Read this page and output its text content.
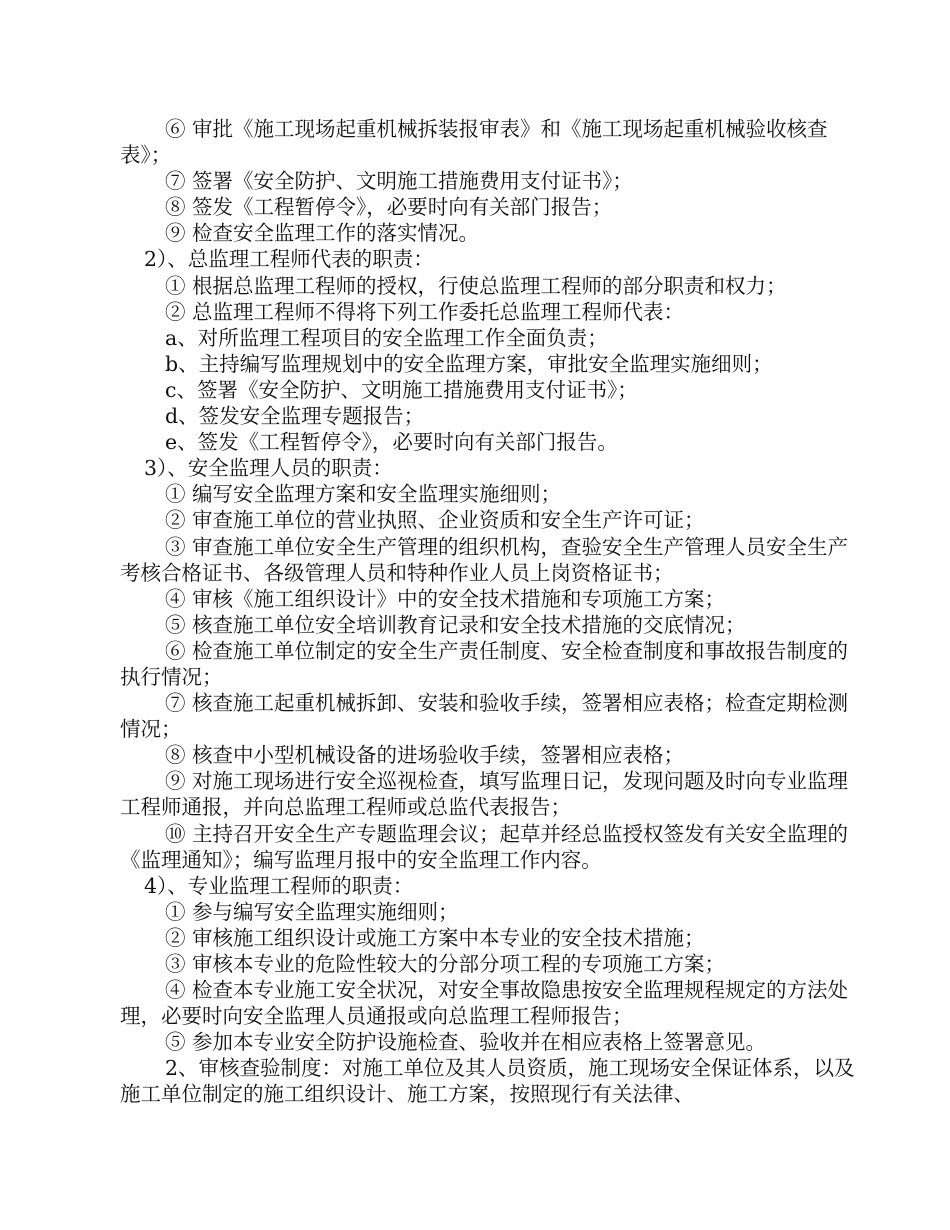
⑥ 审批《施工现场起重机械拆装报审表》和《施工现场起重机械验收核查表》；

⑦ 签署《安全防护、文明施工措施费用支付证书》；

⑧ 签发《工程暂停令》，必要时向有关部门报告；

⑨ 检查安全监理工作的落实情况。

2）、总监理工程师代表的职责：

① 根据总监理工程师的授权，行使总监理工程师的部分职责和权力；

② 总监理工程师不得将下列工作委托总监理工程师代表：

a、对所监理工程项目的安全监理工作全面负责；

b、主持编写监理规划中的安全监理方案，审批安全监理实施细则；

c、签署《安全防护、文明施工措施费用支付证书》；

d、签发安全监理专题报告；

e、签发《工程暂停令》，必要时向有关部门报告。

3）、安全监理人员的职责：

① 编写安全监理方案和安全监理实施细则；

② 审查施工单位的营业执照、企业资质和安全生产许可证；

③ 审查施工单位安全生产管理的组织机构，查验安全生产管理人员安全生产考核合格证书、各级管理人员和特种作业人员上岗资格证书；

④ 审核《施工组织设计》中的安全技术措施和专项施工方案；

⑤ 核查施工单位安全培训教育记录和安全技术措施的交底情况；

⑥ 检查施工单位制定的安全生产责任制度、安全检查制度和事故报告制度的执行情况；

⑦ 核查施工起重机械拆卸、安装和验收手续，签署相应表格；检查定期检测情况；

⑧ 核查中小型机械设备的进场验收手续，签署相应表格；

⑨ 对施工现场进行安全巡视检查，填写监理日记，发现问题及时向专业监理工程师通报，并向总监理工程师或总监代表报告；

⑩ 主持召开安全生产专题监理会议；起草并经总监授权签发有关安全监理的《监理通知》；编写监理月报中的安全监理工作内容。

4）、专业监理工程师的职责：

① 参与编写安全监理实施细则；

② 审核施工组织设计或施工方案中本专业的安全技术措施；

③ 审核本专业的危险性较大的分部分项工程的专项施工方案；

④ 检查本专业施工安全状况，对安全事故隐患按安全监理规程规定的方法处理，必要时向安全监理人员通报或向总监理工程师报告；

⑤ 参加本专业安全防护设施检查、验收并在相应表格上签署意见。

2、审核查验制度：对施工单位及其人员资质，施工现场安全保证体系，以及施工单位制定的施工组织设计、施工方案，按照现行有关法律、
